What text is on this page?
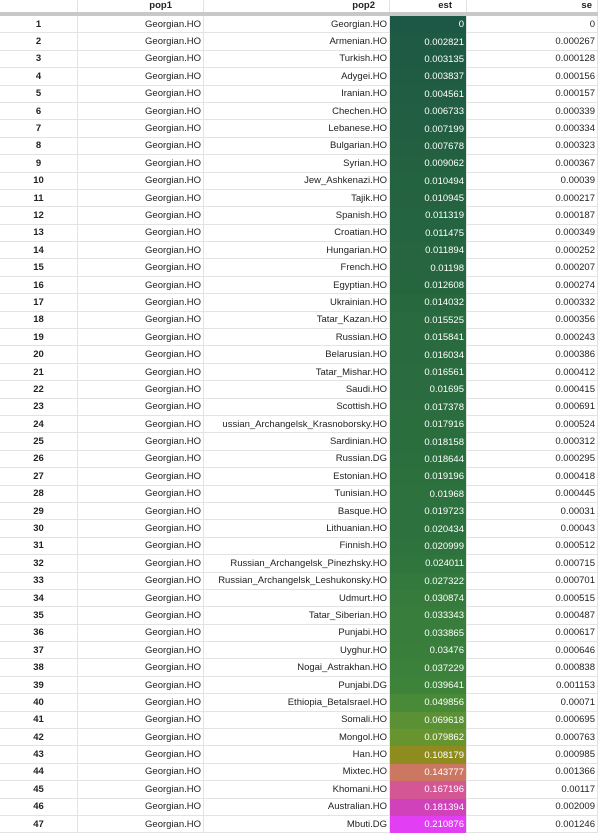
pop1	pop2	est	se
1	Georgian.HO	Georgian.HO	0	0
2	Georgian.HO	Armenian.HO	0.002821	0.000267
3	Georgian.HO	Turkish.HO	0.003135	0.000128
4	Georgian.HO	Adygei.HO	0.003837	0.000156
5	Georgian.HO	Iranian.HO	0.004561	0.000157
6	Georgian.HO	Chechen.HO	0.006733	0.000339
7	Georgian.HO	Lebanese.HO	0.007199	0.000334
8	Georgian.HO	Bulgarian.HO	0.007678	0.000323
9	Georgian.HO	Syrian.HO	0.009062	0.000367
10	Georgian.HO	Jew_Ashkenazi.HO	0.010494	0.00039
11	Georgian.HO	Tajik.HO	0.010945	0.000217
12	Georgian.HO	Spanish.HO	0.011319	0.000187
13	Georgian.HO	Croatian.HO	0.011475	0.000349
14	Georgian.HO	Hungarian.HO	0.011894	0.000252
15	Georgian.HO	French.HO	0.01198	0.000207
16	Georgian.HO	Egyptian.HO	0.012608	0.000274
17	Georgian.HO	Ukrainian.HO	0.014032	0.000332
18	Georgian.HO	Tatar_Kazan.HO	0.015525	0.000356
19	Georgian.HO	Russian.HO	0.015841	0.000243
20	Georgian.HO	Belarusian.HO	0.016034	0.000386
21	Georgian.HO	Tatar_Mishar.HO	0.016561	0.000412
22	Georgian.HO	Saudi.HO	0.01695	0.000415
23	Georgian.HO	Scottish.HO	0.017378	0.000691
24	Georgian.HO	ussian_Archangelsk_Krasnoborsky.HO	0.017916	0.000524
25	Georgian.HO	Sardinian.HO	0.018158	0.000312
26	Georgian.HO	Russian.DG	0.018644	0.000295
27	Georgian.HO	Estonian.HO	0.019196	0.000418
28	Georgian.HO	Tunisian.HO	0.01968	0.000445
29	Georgian.HO	Basque.HO	0.019723	0.00031
30	Georgian.HO	Lithuanian.HO	0.020434	0.00043
31	Georgian.HO	Finnish.HO	0.020999	0.000512
32	Georgian.HO	Russian_Archangelsk_Pinezhsky.HO	0.024011	0.000715
33	Georgian.HO	Russian_Archangelsk_Leshukonsky.HO	0.027322	0.000701
34	Georgian.HO	Udmurt.HO	0.030874	0.000515
35	Georgian.HO	Tatar_Siberian.HO	0.033343	0.000487
36	Georgian.HO	Punjabi.HO	0.033865	0.000617
37	Georgian.HO	Uyghur.HO	0.03476	0.000646
38	Georgian.HO	Nogai_Astrakhan.HO	0.037229	0.000838
39	Georgian.HO	Punjabi.DG	0.039641	0.001153
40	Georgian.HO	Ethiopia_BetaIsrael.HO	0.049856	0.00071
41	Georgian.HO	Somali.HO	0.069618	0.000695
42	Georgian.HO	Mongol.HO	0.079862	0.000763
43	Georgian.HO	Han.HO	0.108179	0.000985
44	Georgian.HO	Mixtec.HO	0.143777	0.001366
45	Georgian.HO	Khomani.HO	0.167196	0.00117
46	Georgian.HO	Australian.HO	0.181394	0.002009
47	Georgian.HO	Mbuti.DG	0.210876	0.001246
